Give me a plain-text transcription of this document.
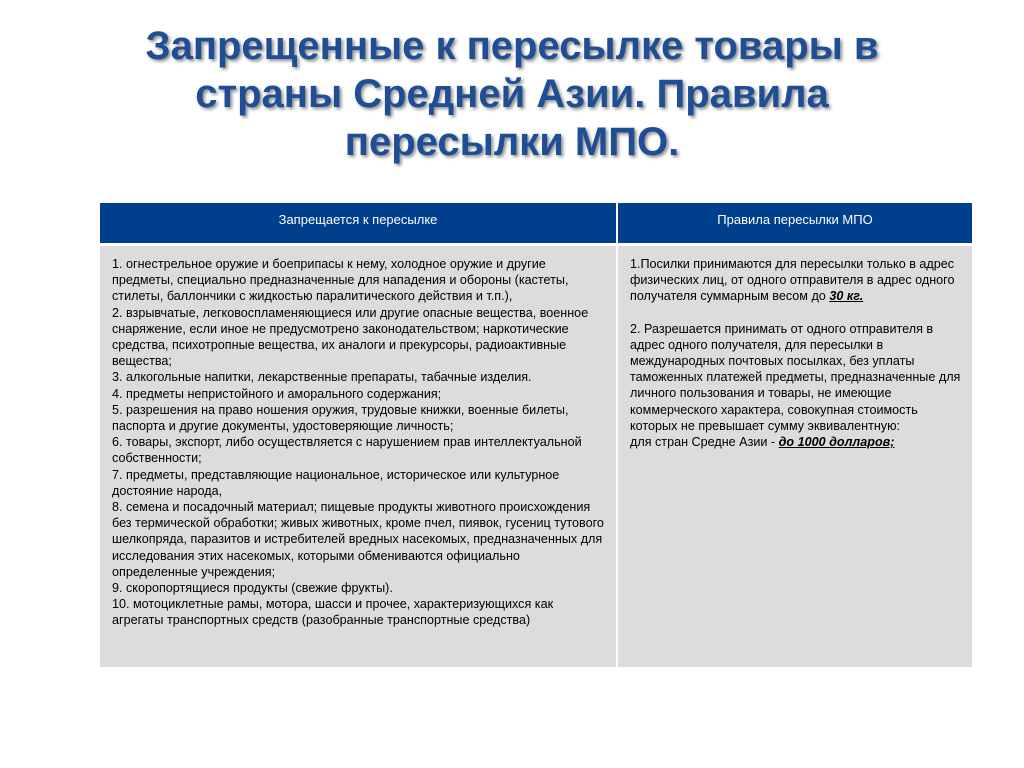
Запрещенные к пересылке товары в
страны Средней Азии. Правила
пересылки МПО.
Запрещается к пересылке	Правила пересылки МПО

1. огнестрельное оружие и боеприпасы к нему, холодное оружие и другие предметы, специально предназначенные для нападения и обороны (кастеты, стилеты, баллончики с жидкостью паралитического действия и т.п.),

2. взрывчатые, легковоспламеняющиеся или другие опасные вещества, военное снаряжение, если иное не предусмотрено законодательством; наркотические средства, психотропные вещества, их аналоги и прекурсоры, радиоактивные вещества;

3. алкогольные напитки, лекарственные препараты, табачные изделия.

4. предметы непристойного и аморального содержания;

5. разрешения на право ношения оружия, трудовые книжки, военные билеты, паспорта и другие документы, удостоверяющие личность;

6. товары, экспорт, либо осуществляется с нарушением прав интеллектуальной собственности;

7. предметы, представляющие национальное, историческое или культурное достояние народа,

8. семена и посадочный материал; пищевые продукты животного происхождения без термической обработки; живых животных, кроме пчел, пиявок, гусениц тутового шелкопряда, паразитов и истребителей вредных насекомых, предназначенных для исследования этих насекомых, которыми обмениваются официально определенные учреждения;

9. скоропортящиеся продукты (свежие фрукты).

10. мотоциклетные рамы, мотора, шасси и прочее, характеризующихся как агрегаты транспортных средств (разобранные транспортные средства)

1.Посилки принимаются для пересылки только в адрес физических лиц, от одного отправителя в адрес одного получателя суммарным весом до 30 кг.

2. Разрешается принимать от одного отправителя в адрес одного получателя, для пересылки в международных почтовых посылках, без уплаты таможенных платежей предметы, предназначенные для личного пользования и товары, не имеющие коммерческого характера, совокупная стоимость которых не превышает сумму эквивалентную:

для стран Средне Азии - до 1000 долларов;
